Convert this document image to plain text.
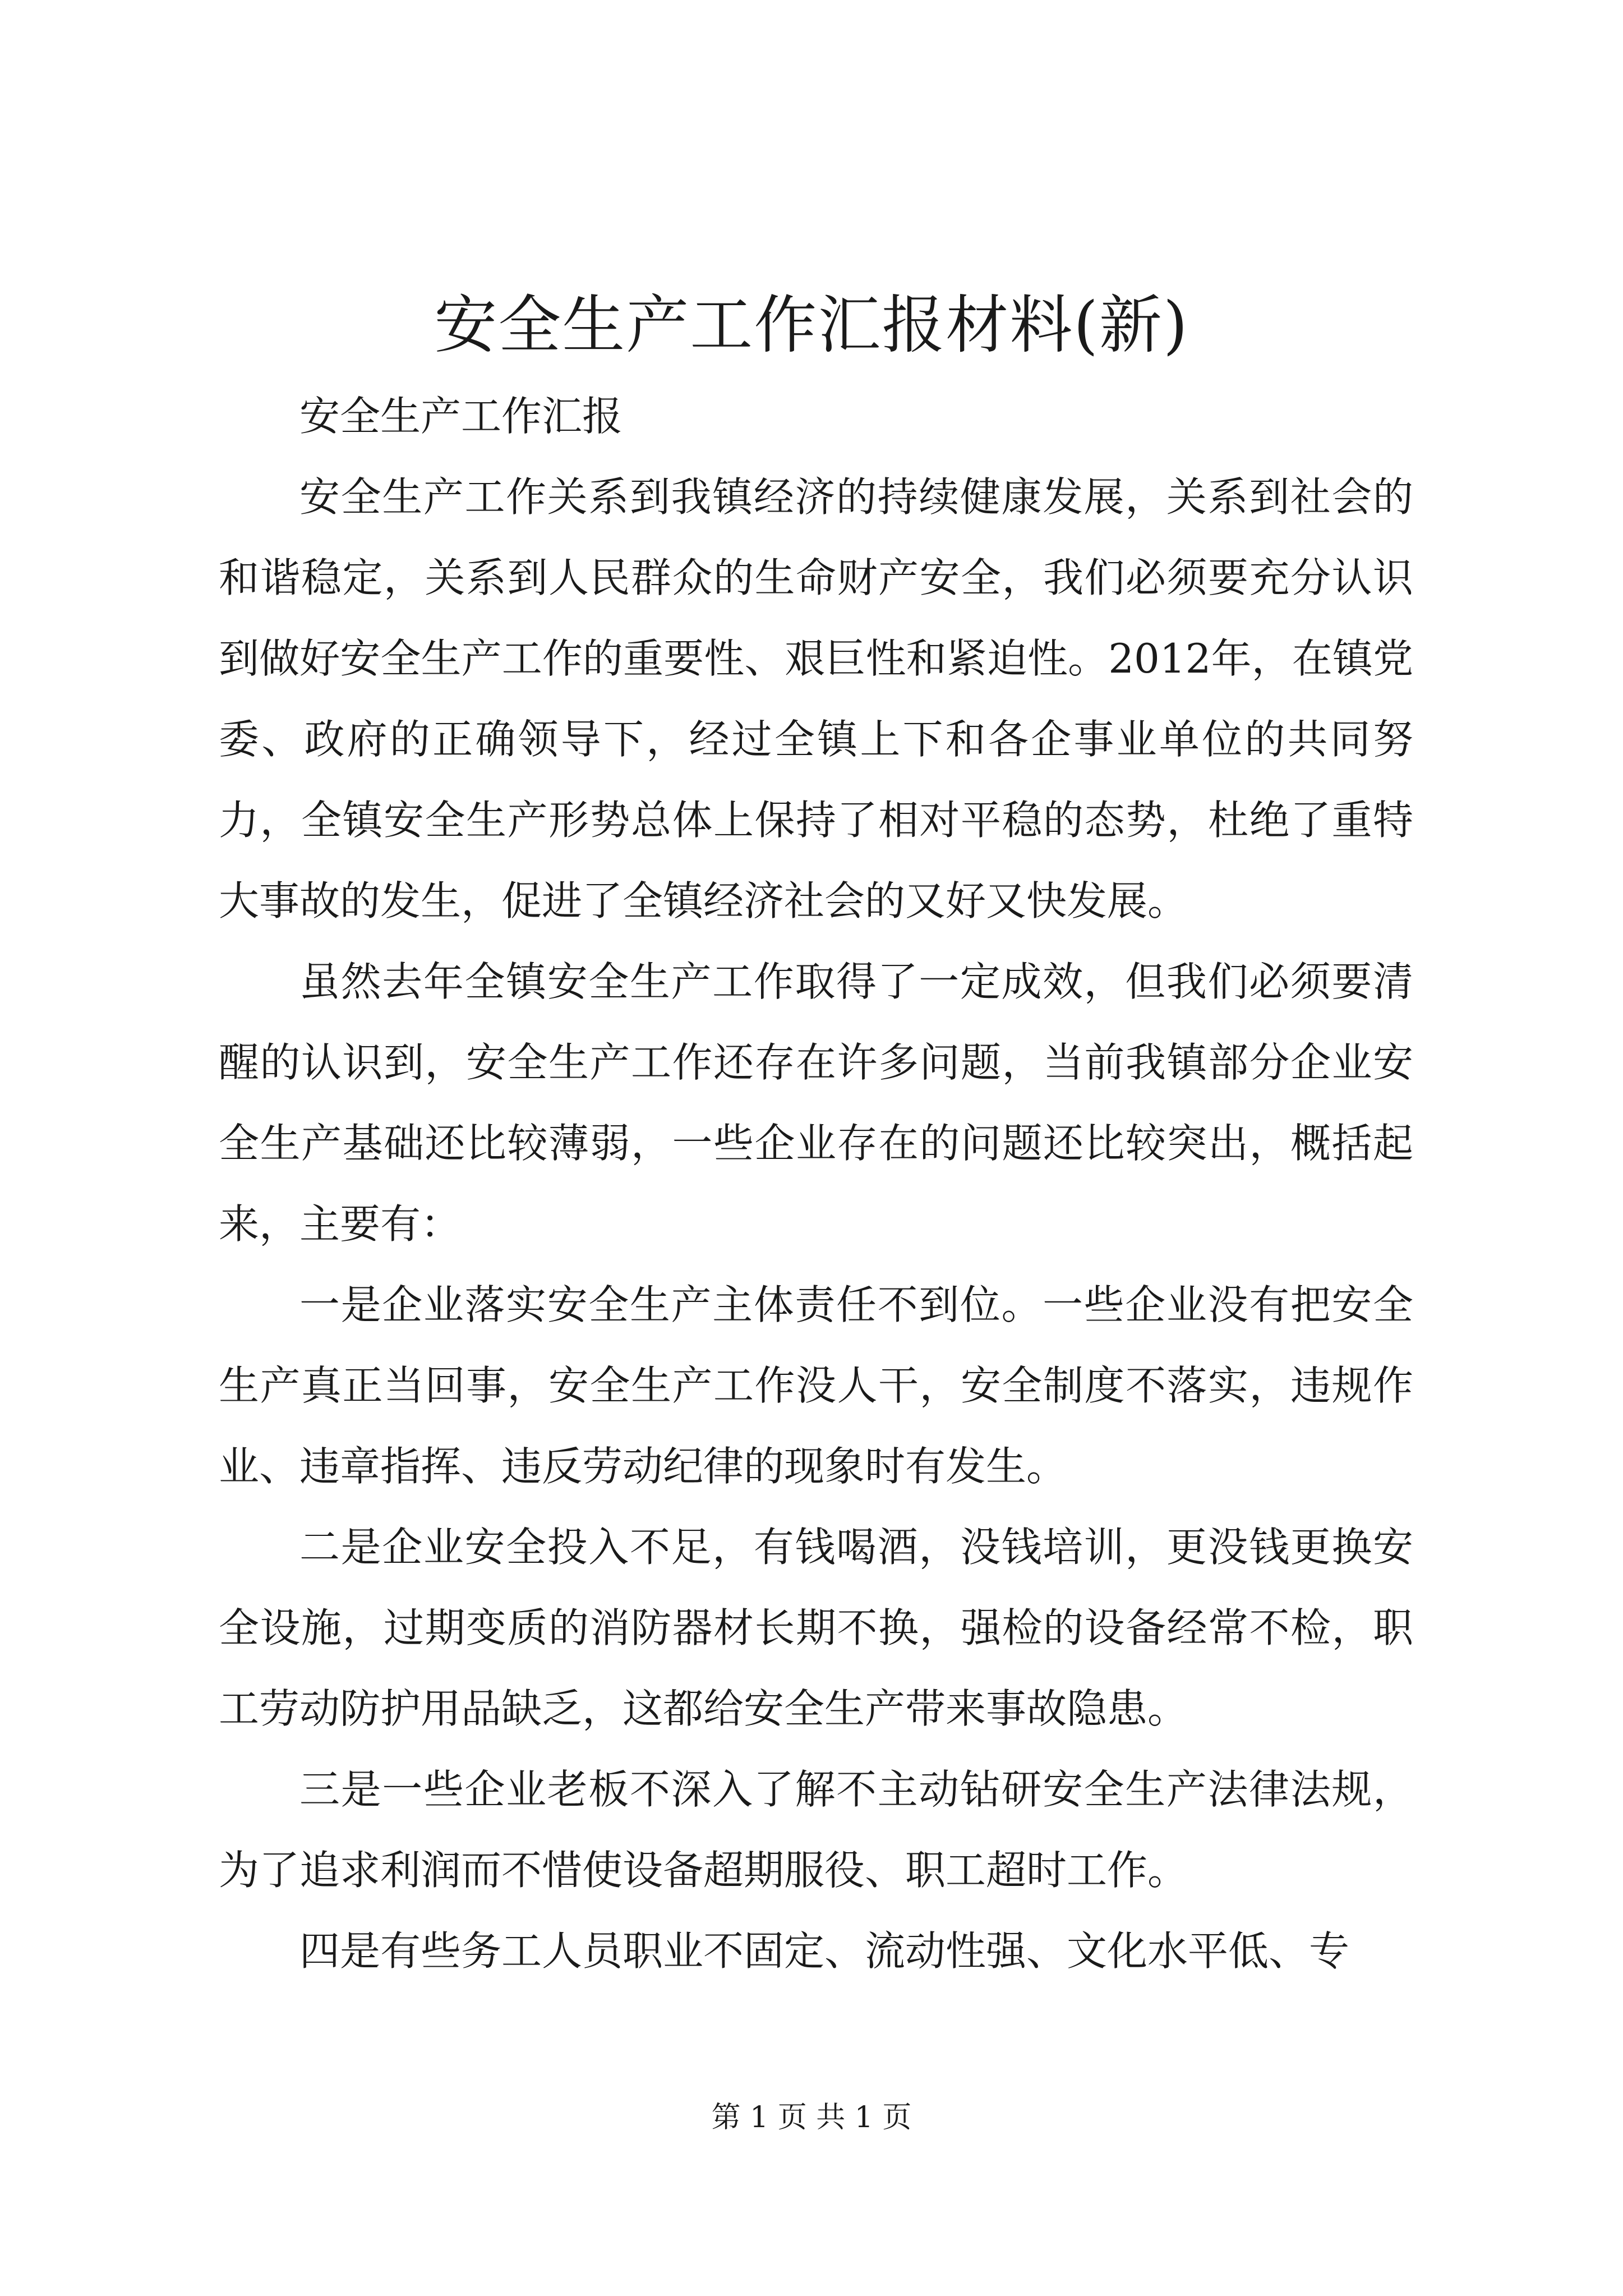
安全生产工作汇报材料(新)

安全生产工作汇报

安全生产工作关系到我镇经济的持续健康发展，关系到社会的和谐稳定，关系到人民群众的生命财产安全，我们必须要充分认识到做好安全生产工作的重要性、艰巨性和紧迫性。2012年，在镇党委、政府的正确领导下，经过全镇上下和各企事业单位的共同努力，全镇安全生产形势总体上保持了相对平稳的态势，杜绝了重特大事故的发生，促进了全镇经济社会的又好又快发展。

虽然去年全镇安全生产工作取得了一定成效，但我们必须要清醒的认识到，安全生产工作还存在许多问题，当前我镇部分企业安全生产基础还比较薄弱，一些企业存在的问题还比较突出，概括起来，主要有：

一是企业落实安全生产主体责任不到位。一些企业没有把安全生产真正当回事，安全生产工作没人干，安全制度不落实，违规作业、违章指挥、违反劳动纪律的现象时有发生。

二是企业安全投入不足，有钱喝酒，没钱培训，更没钱更换安全设施，过期变质的消防器材长期不换，强检的设备经常不检，职工劳动防护用品缺乏，这都给安全生产带来事故隐患。

三是一些企业老板不深入了解不主动钻研安全生产法律法规，为了追求利润而不惜使设备超期服役、职工超时工作。

四是有些务工人员职业不固定、流动性强、文化水平低、专

第 1 页 共 1 页
